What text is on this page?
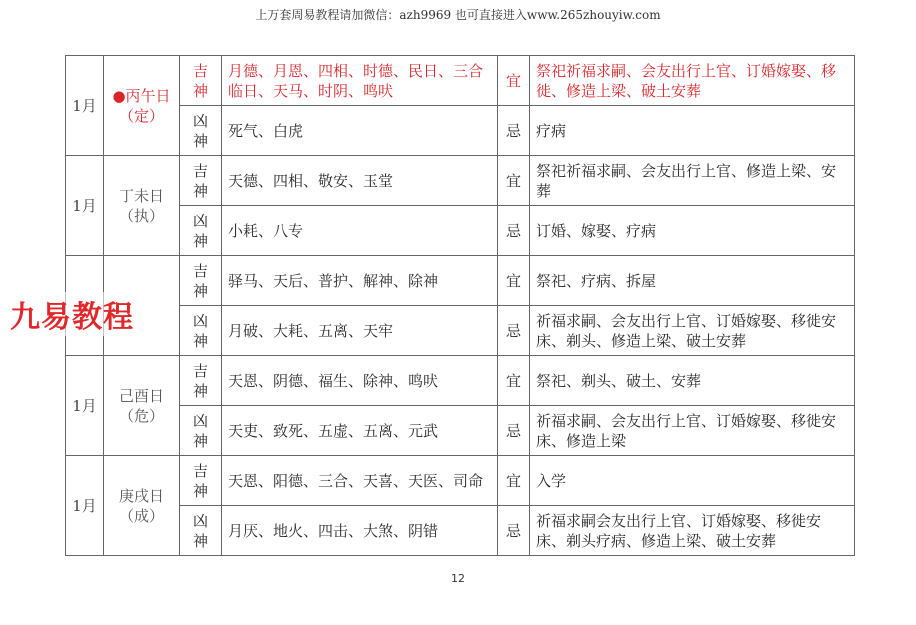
上万套周易教程请加微信：azh9969 也可直接进入www.265zhouyiw.com
1月	●丙午日（定）	吉神	月德、月恩、四相、时德、民日、三合临日、天马、时阴、鸣吠	宜	祭祀祈福求嗣、会友出行上官、订婚嫁娶、移徙、修造上梁、破土安葬
		凶神	死气、白虎	忌	疗病
1月	丁未日（执）	吉神	天德、四相、敬安、玉堂	宜	祭祀祈福求嗣、会友出行上官、修造上梁、安葬
		凶神	小耗、八专	忌	订婚、嫁娶、疗病
		吉神	驿马、天后、普护、解神、除神	宜	祭祀、疗病、拆屋
		凶神	月破、大耗、五离、天牢	忌	祈福求嗣、会友出行上官、订婚嫁娶、移徙安床、剃头、修造上梁、破土安葬
1月	己酉日（危）	吉神	天恩、阴德、福生、除神、鸣吠	宜	祭祀、剃头、破土、安葬
		凶神	天吏、致死、五虚、五离、元武	忌	祈福求嗣、会友出行上官、订婚嫁娶、移徙安床、修造上梁
1月	庚戌日（成）	吉神	天恩、阳德、三合、天喜、天医、司命	宜	入学
		凶神	月厌、地火、四击、大煞、阴错	忌	祈福求嗣会友出行上官、订婚嫁娶、移徙安床、剃头疗病、修造上梁、破土安葬
九易教程
12
